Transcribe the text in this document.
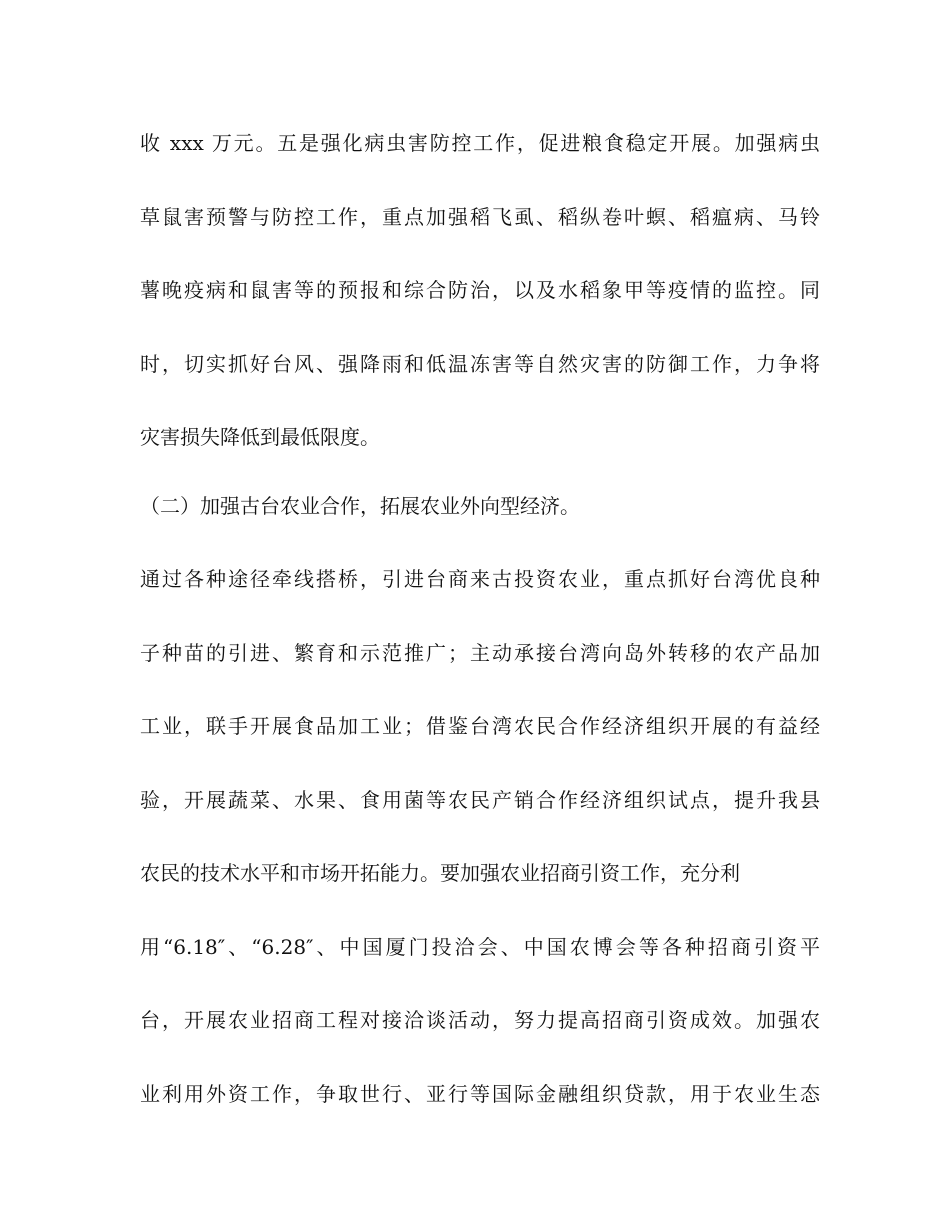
收 xxx 万元。五是强化病虫害防控工作，促进粮食稳定开展。加强病虫
草鼠害预警与防控工作，重点加强稻飞虱、稻纵卷叶螟、稻瘟病、马铃
薯晚疫病和鼠害等的预报和综合防治，以及水稻象甲等疫情的监控。同
时，切实抓好台风、强降雨和低温冻害等自然灾害的防御工作，力争将
灾害损失降低到最低限度。
（二）加强古台农业合作，拓展农业外向型经济。
通过各种途径牵线搭桥，引进台商来古投资农业，重点抓好台湾优良种
子种苗的引进、繁育和示范推广；主动承接台湾向岛外转移的农产品加
工业，联手开展食品加工业；借鉴台湾农民合作经济组织开展的有益经
验，开展蔬菜、水果、食用菌等农民产销合作经济组织试点，提升我县
农民的技术水平和市场开拓能力。要加强农业招商引资工作，充分利
用“6.18″、“6.28″、中国厦门投洽会、中国农博会等各种招商引资平
台，开展农业招商工程对接洽谈活动，努力提高招商引资成效。加强农
业利用外资工作，争取世行、亚行等国际金融组织贷款，用于农业生态
